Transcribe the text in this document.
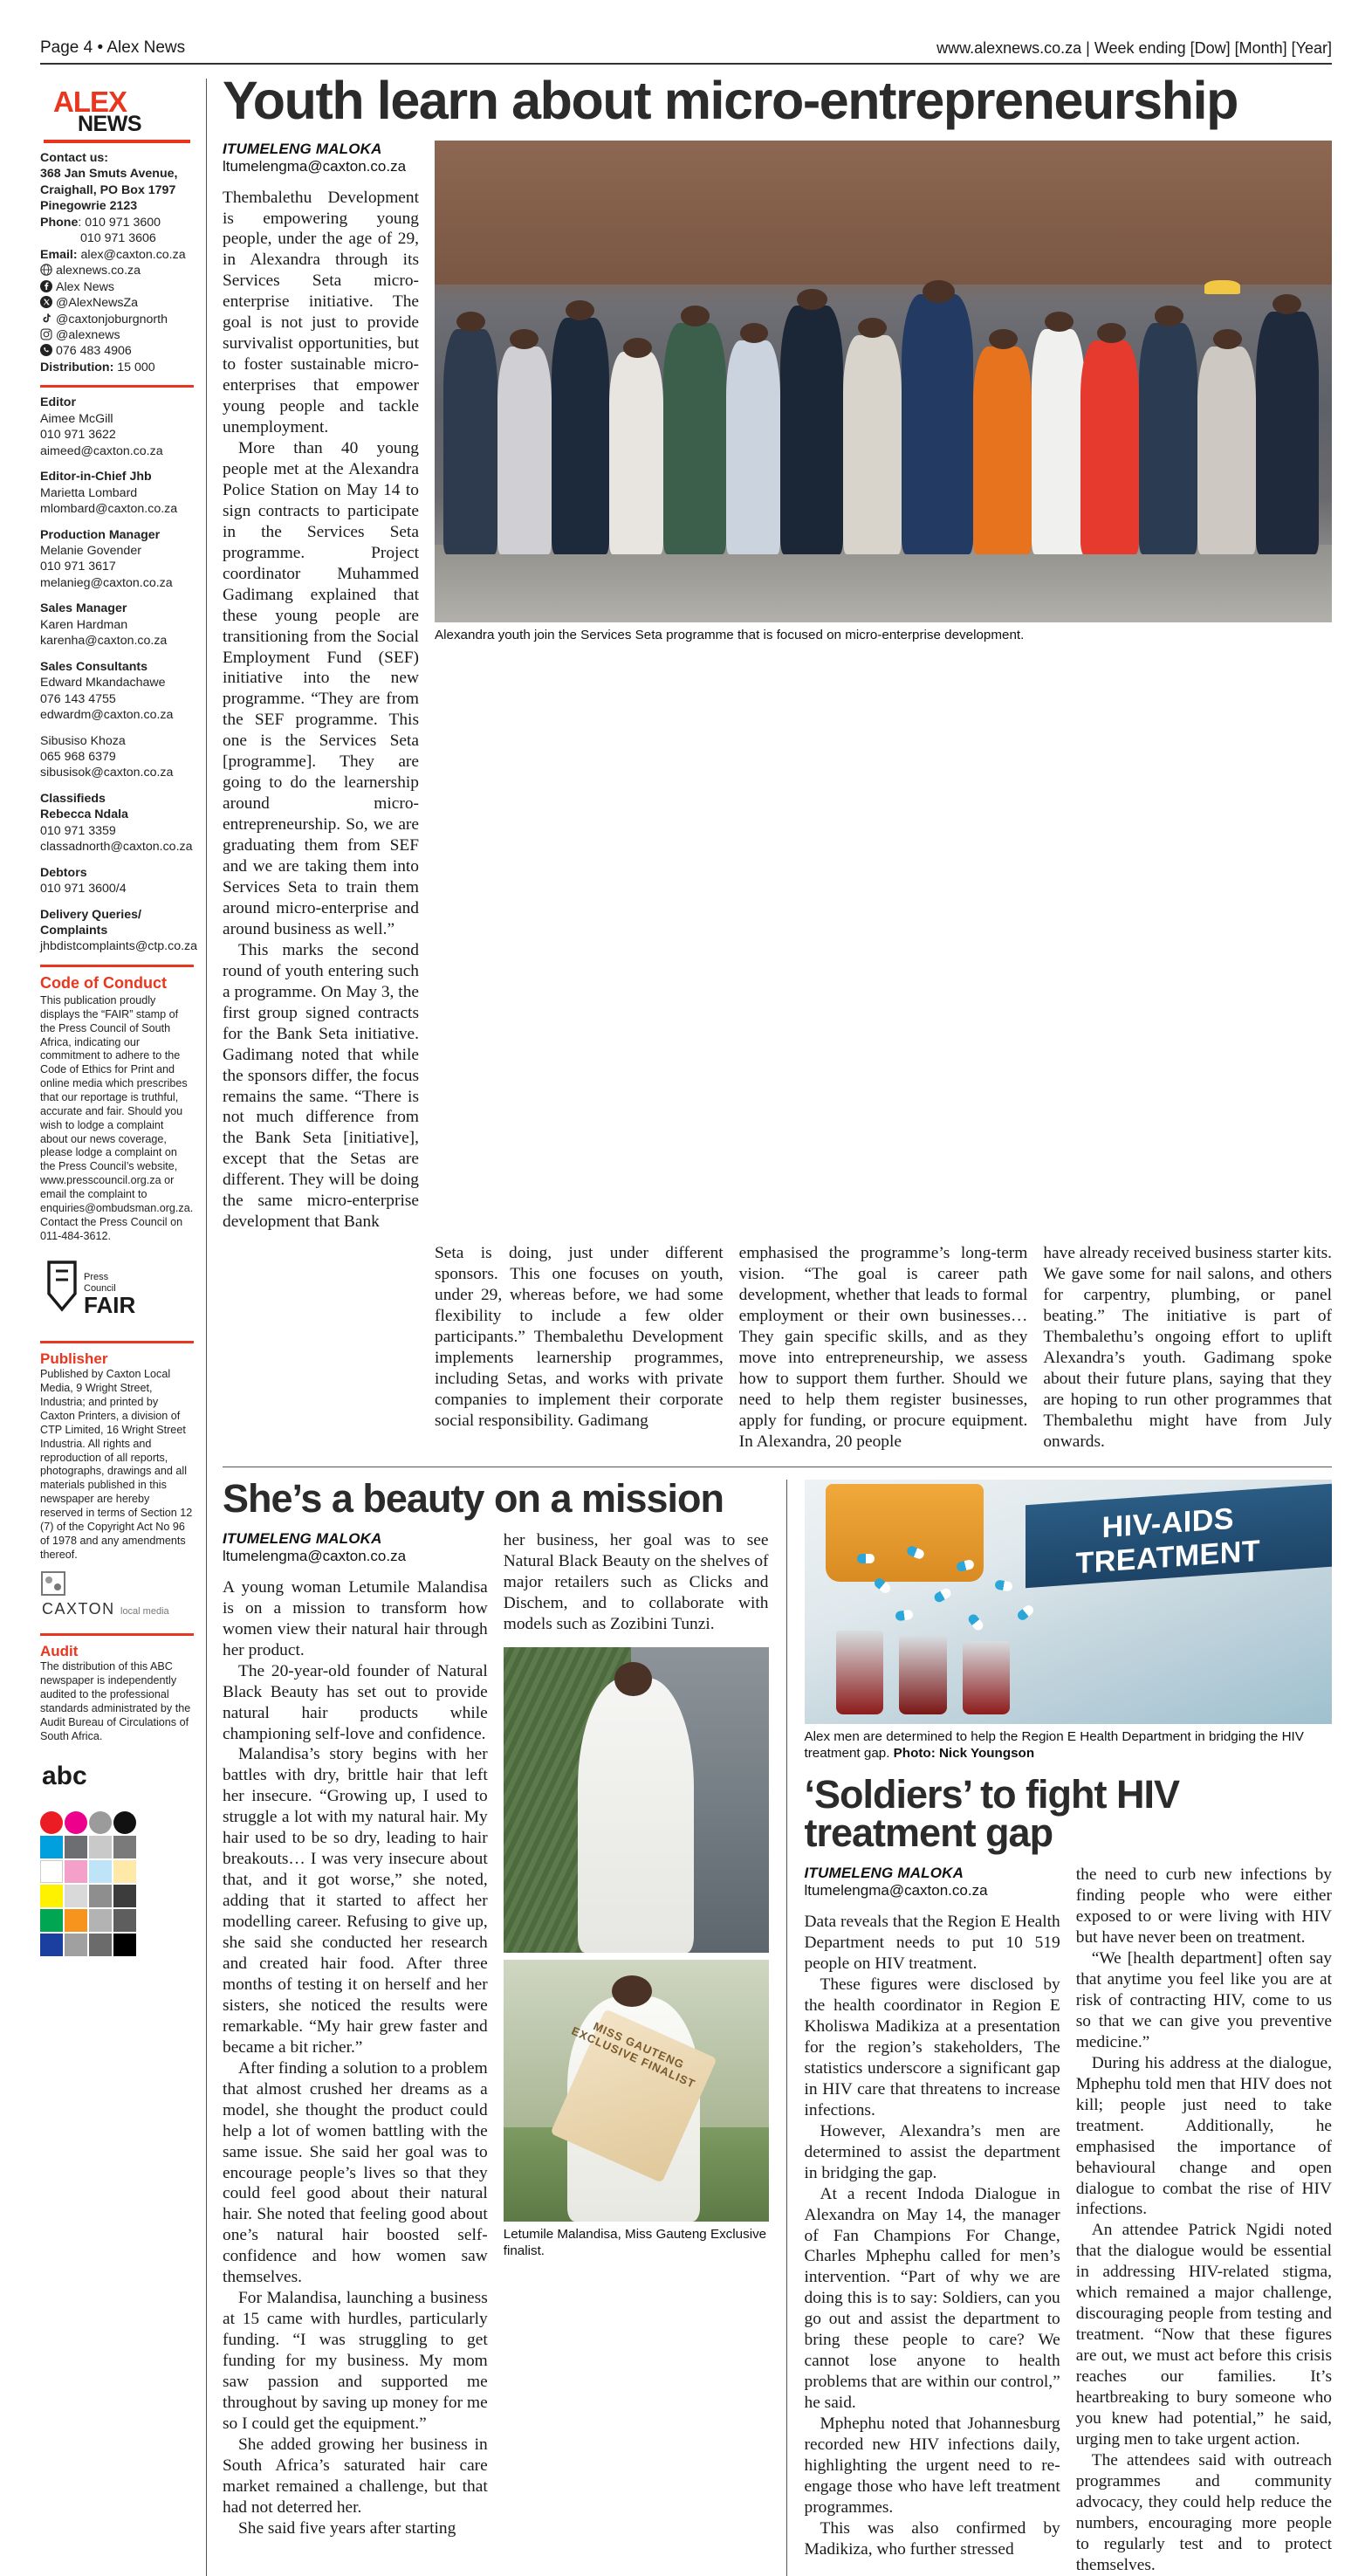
Page 4 • Alex News	www.alexnews.co.za | Week ending [Dow] [Month] [Year]
ALEX
NEWS
Contact us:
368 Jan Smuts Avenue,
Craighall, PO Box 1797
Pinegowrie 2123
Phone: 010 971 3600
010 971 3606
Email: alex@caxton.co.za
alexnews.co.za
Alex News
@AlexNewsZa
@caxtonjoburgnorth
@alexnews
076 483 4906
Distribution: 15 000
Editor
Aimee McGill
010 971 3622
aimeed@caxton.co.za
Editor-in-Chief Jhb
Marietta Lombard
mlombard@caxton.co.za
Production Manager
Melanie Govender
010 971 3617
melanieg@caxton.co.za
Sales Manager
Karen Hardman
karenha@caxton.co.za
Sales Consultants
Edward Mkandachawe
076 143 4755
edwardm@caxton.co.za
Sibusiso Khoza
065 968 6379
sibusisok@caxton.co.za
Classifieds
Rebecca Ndala
010 971 3359
classadnorth@caxton.co.za
Debtors
010 971 3600/4
Delivery Queries/ Complaints
jhbdistcomplaints@ctp.co.za
Code of Conduct
This publication proudly displays the “FAIR” stamp of the Press Council of South Africa, indicating our commitment to adhere to the Code of Ethics for Print and online media which prescribes that our reportage is truthful, accurate and fair. Should you wish to lodge a complaint about our news coverage, please lodge a complaint on the Press Council’s website, www.presscouncil.org.za or email the complaint to enquiries@ombudsman.org.za. Contact the Press Council on 011-484-3612.
Press
Council
FAIR
Publisher
Published by Caxton Local Media, 9 Wright Street, Industria; and printed by Caxton Printers, a division of CTP Limited, 16 Wright Street Industria. All rights and reproduction of all reports, photographs, drawings and all materials published in this newspaper are hereby reserved in terms of Section 12 (7) of the Copyright Act No 96 of 1978 and any amendments thereof.
CAXTON local media
Audit
The distribution of this ABC newspaper is independently audited to the professional standards administrated by the Audit Bureau of Circulations of South Africa.
abc
Youth learn about micro-entrepreneurship
ITUMELENG MALOKA
ltumelengma@caxton.co.za

Thembalethu Development is empowering young people, under the age of 29, in Alexandra through its Services Seta micro-enterprise initiative. The goal is not just to provide survivalist opportunities, but to foster sustainable micro-enterprises that empower young people and tackle unemployment.

More than 40 young people met at the Alexandra Police Station on May 14 to sign contracts to participate in the Services Seta programme. Project coordinator Muhammed Gadimang explained that these young people are transitioning from the Social Employment Fund (SEF) initiative into the new programme. “They are from the SEF programme. This one is the Services Seta [programme]. They are going to do the learnership around micro-entrepreneurship. So, we are graduating them from SEF and we are taking them into Services Seta to train them around micro-enterprise and around business as well.”

This marks the second round of youth entering such a programme. On May 3, the first group signed contracts for the Bank Seta initiative. Gadimang noted that while the sponsors differ, the focus remains the same. “There is not much difference from the Bank Seta [initiative], except that the Setas are different. They will be doing the same micro-enterprise development that Bank

Alexandra youth join the Services Seta programme that is focused on micro-enterprise development.

Seta is doing, just under different sponsors. This one focuses on youth, under 29, whereas before, we had some flexibility to include a few older participants.” Thembalethu Development implements learnership programmes, including Setas, and works with private companies to implement their corporate social responsibility. Gadimang

emphasised the programme’s long-term vision. “The goal is career path development, whether that leads to formal employment or their own businesses… They gain specific skills, and as they move into entrepreneurship, we assess how to support them further. Should we need to help them register businesses, apply for funding, or procure equipment. In Alexandra, 20 people

have already received business starter kits. We gave some for nail salons, and others for carpentry, plumbing, or panel beating.” The initiative is part of Thembalethu’s ongoing effort to uplift Alexandra’s youth. Gadimang spoke about their future plans, saying that they are hoping to run other programmes that Thembalethu might have from July onwards.

She’s a beauty on a mission
ITUMELENG MALOKA
ltumelengma@caxton.co.za

A young woman Letumile Malandisa is on a mission to transform how women view their natural hair through her product.

The 20-year-old founder of Natural Black Beauty has set out to provide natural hair products while championing self-love and confidence.

Malandisa’s story begins with her battles with dry, brittle hair that left her insecure. “Growing up, I used to struggle a lot with my natural hair. My hair used to be so dry, leading to hair breakouts… I was very insecure about that, and it got worse,” she noted, adding that it started to affect her modelling career. Refusing to give up, she said she conducted her research and created hair food. After three months of testing it on herself and her sisters, she noticed the results were remarkable. “My hair grew faster and became a bit richer.”

After finding a solution to a problem that almost crushed her dreams as a model, she thought the product could help a lot of women battling with the same issue. She said her goal was to encourage people’s lives so that they could feel good about their natural hair. She noted that feeling good about one’s natural hair boosted self-confidence and how women saw themselves.

For Malandisa, launching a business at 15 came with hurdles, particularly funding. “I was struggling to get funding for my business. My mom saw passion and supported me throughout by saving up money for me so I could get the equipment.”

She added growing her business in South Africa’s saturated hair care market remained a challenge, but that had not deterred her.

She said five years after starting

her business, her goal was to see Natural Black Beauty on the shelves of major retailers such as Clicks and Dischem, and to collaborate with models such as Zozibini Tunzi.

MISS GAUTENG EXCLUSIVE FINALIST
Letumile Malandisa, Miss Gauteng Exclusive finalist.
HIV-AIDS TREATMENT
Alex men are determined to help the Region E Health Department in bridging the HIV treatment gap. Photo: Nick Youngson
‘Soldiers’ to fight HIV treatment gap
ITUMELENG MALOKA
ltumelengma@caxton.co.za

Data reveals that the Region E Health Department needs to put 10 519 people on HIV treatment.

These figures were disclosed by the health coordinator in Region E Kholiswa Madikiza at a presentation for the region’s stakeholders, The statistics underscore a significant gap in HIV care that threatens to increase infections.

However, Alexandra’s men are determined to assist the department in bridging the gap.

At a recent Indoda Dialogue in Alexandra on May 14, the manager of Fan Champions For Change, Charles Mphephu called for men’s intervention. “Part of why we are doing this is to say: Soldiers, can you go out and assist the department to bring these people to care? We cannot lose anyone to health problems that are within our control,” he said.

Mphephu noted that Johannesburg recorded new HIV infections daily, highlighting the urgent need to re-engage those who have left treatment programmes.

This was also confirmed by Madikiza, who further stressed

the need to curb new infections by finding people who were either exposed to or were living with HIV but have never been on treatment.

“We [health department] often say that anytime you feel like you are at risk of contracting HIV, come to us so that we can give you preventive medicine.”

During his address at the dialogue, Mphephu told men that HIV does not kill; people just need to take treatment. Additionally, he emphasised the importance of behavioural change and open dialogue to combat the rise of HIV infections.

An attendee Patrick Ngidi noted that the dialogue would be essential in addressing HIV-related stigma, which remained a major challenge, discouraging people from testing and treatment. “Now that these figures are out, we must act before this crisis reaches our families. It’s heartbreaking to bury someone who you knew had potential,” he said, urging men to take urgent action.

The attendees said with outreach programmes and community advocacy, they could help reduce the numbers, encouraging more people to regularly test and to protect themselves.
